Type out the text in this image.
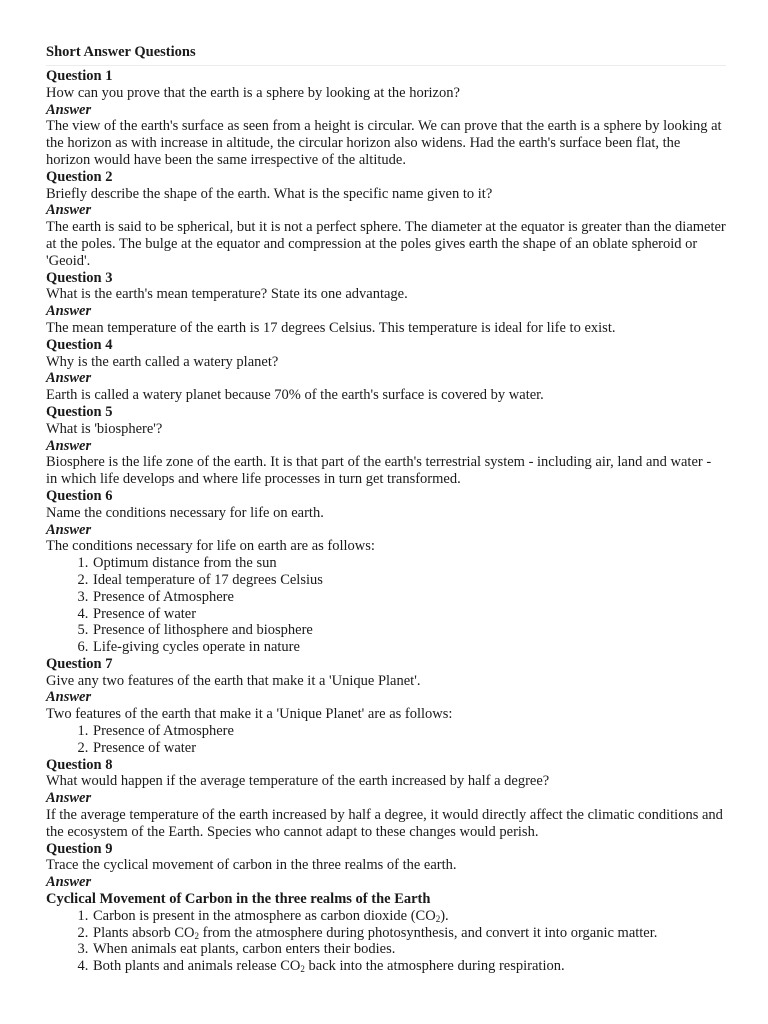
Short Answer Questions
Question 1
How can you prove that the earth is a sphere by looking at the horizon?
Answer
The view of the earth's surface as seen from a height is circular. We can prove that the earth is a sphere by looking at the horizon as with increase in altitude, the circular horizon also widens. Had the earth's surface been flat, the horizon would have been the same irrespective of the altitude.
Question 2
Briefly describe the shape of the earth. What is the specific name given to it?
Answer
The earth is said to be spherical, but it is not a perfect sphere. The diameter at the equator is greater than the diameter at the poles. The bulge at the equator and compression at the poles gives earth the shape of an oblate spheroid or 'Geoid'.
Question 3
What is the earth's mean temperature? State its one advantage.
Answer
The mean temperature of the earth is 17 degrees Celsius. This temperature is ideal for life to exist.
Question 4
Why is the earth called a watery planet?
Answer
Earth is called a watery planet because 70% of the earth's surface is covered by water.
Question 5
What is 'biosphere'?
Answer
Biosphere is the life zone of the earth. It is that part of the earth's terrestrial system - including air, land and water - in which life develops and where life processes in turn get transformed.
Question 6
Name the conditions necessary for life on earth.
Answer
The conditions necessary for life on earth are as follows:
1. Optimum distance from the sun
2. Ideal temperature of 17 degrees Celsius
3. Presence of Atmosphere
4. Presence of water
5. Presence of lithosphere and biosphere
6. Life-giving cycles operate in nature
Question 7
Give any two features of the earth that make it a 'Unique Planet'.
Answer
Two features of the earth that make it a 'Unique Planet' are as follows:
1. Presence of Atmosphere
2. Presence of water
Question 8
What would happen if the average temperature of the earth increased by half a degree?
Answer
If the average temperature of the earth increased by half a degree, it would directly affect the climatic conditions and the ecosystem of the Earth. Species who cannot adapt to these changes would perish.
Question 9
Trace the cyclical movement of carbon in the three realms of the earth.
Answer
Cyclical Movement of Carbon in the three realms of the Earth
1. Carbon is present in the atmosphere as carbon dioxide $(CO_2)$.
2. Plants absorb $CO_2$ from the atmosphere during photosynthesis, and convert it into organic matter.
3. When animals eat plants, carbon enters their bodies.
4. Both plants and animals release $CO_2$ back into the atmosphere during respiration.
